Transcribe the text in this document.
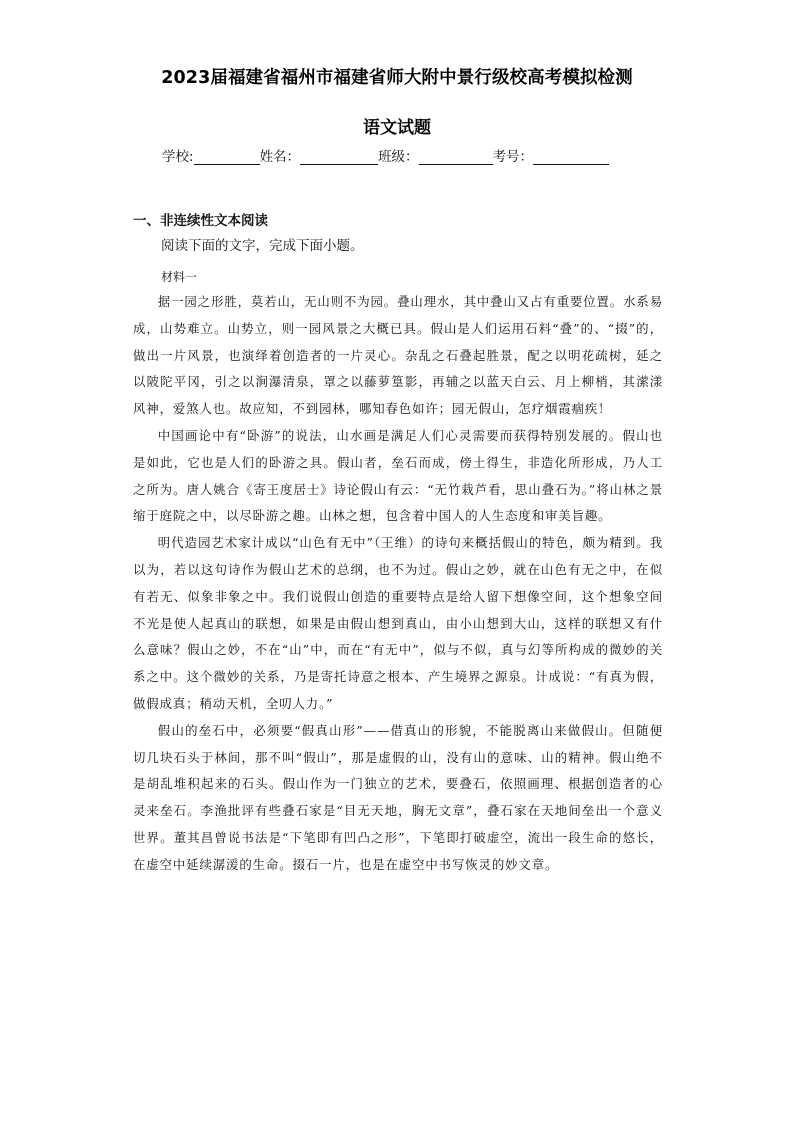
2023届福建省福州市福建省师大附中景行级校高考模拟检测
语文试题
学校:	姓名：	班级：	考号：
一、非连续性文本阅读
阅读下面的文字，完成下面小题。
材料一

据一园之形胜，莫若山，无山则不为园。叠山理水，其中叠山又占有重要位置。水系易成，山势难立。山势立，则一园风景之大概已具。假山是人们运用石料“叠”的、“掇”的，做出一片风景，也演绎着创造者的一片灵心。杂乱之石叠起胜景，配之以明花疏树，延之以陂陀平冈，引之以涧瀑清泉，罩之以藤萝篁影，再辅之以蓝天白云、月上柳梢，其潆漾风神，爱煞人也。故应知，不到园林，哪知春色如许；园无假山，怎疗烟霞痼疾！

中国画论中有“卧游”的说法，山水画是满足人们心灵需要而获得特别发展的。假山也是如此，它也是人们的卧游之具。假山者，垒石而成，傍土得生，非造化所形成，乃人工之所为。唐人姚合《寄王度居士》诗论假山有云：“无竹栽芦看，思山叠石为。”将山林之景缩于庭院之中，以尽卧游之趣。山林之想，包含着中国人的人生态度和审美旨趣。

明代造园艺术家计成以“山色有无中”（王维）的诗句来概括假山的特色，颇为精到。我以为，若以这句诗作为假山艺术的总纲，也不为过。假山之妙，就在山色有无之中，在似有若无、似象非象之中。我们说假山创造的重要特点是给人留下想像空间，这个想象空间不光是使人起真山的联想，如果是由假山想到真山，由小山想到大山，这样的联想又有什么意味？假山之妙，不在“山”中，而在“有无中”，似与不似，真与幻等所构成的微妙的关系之中。这个微妙的关系，乃是寄托诗意之根本、产生境界之源泉。计成说：“有真为假，做假成真；稍动天机，全叨人力。”

假山的垒石中，必须要“假真山形”——借真山的形貌，不能脱离山来做假山。但随便切几块石头于林间，那不叫“假山”，那是虚假的山，没有山的意味、山的精神。假山绝不是胡乱堆积起来的石头。假山作为一门独立的艺术，要叠石，依照画理、根据创造者的心灵来垒石。李渔批评有些叠石家是“目无天地，胸无文章”，叠石家在天地间垒出一个意义世界。董其昌曾说书法是“下笔即有凹凸之形”，下笔即打破虚空，流出一段生命的悠长，在虚空中延续潺湲的生命。掇石一片，也是在虚空中书写恢灵的妙文章。
